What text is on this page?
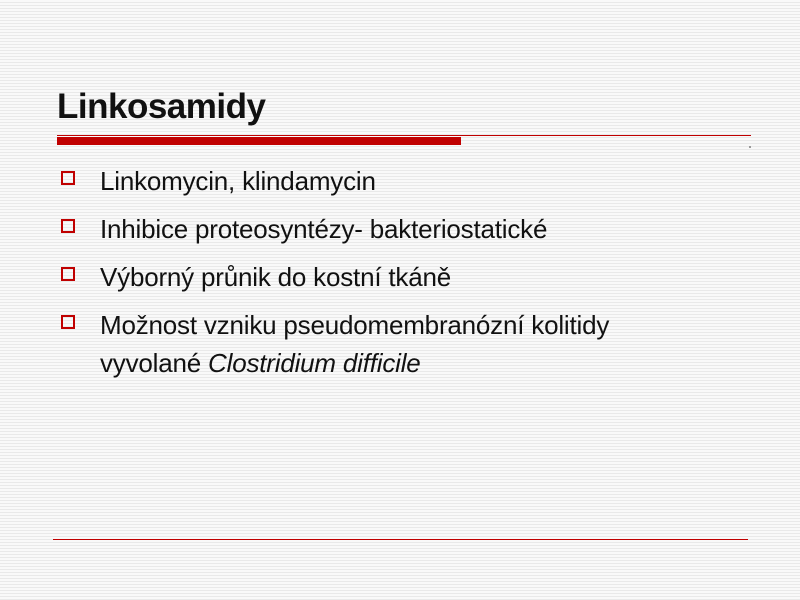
Linkosamidy
Linkomycin, klindamycin
Inhibice proteosyntézy- bakteriostatické
Výborný průnik do kostní tkáně
Možnost vzniku pseudomembranózní kolitidy
vyvolané Clostridium difficile
